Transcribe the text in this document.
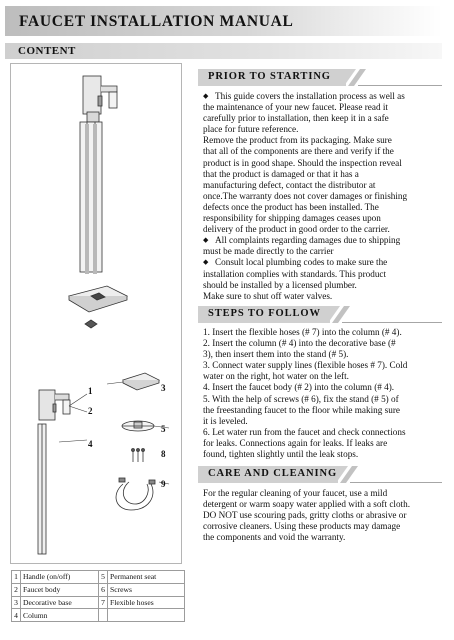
FAUCET INSTALLATION MANUAL
CONTENT
1
2
3
4
5
8
9
PRIOR TO STARTING

◆ This guide covers the installation process as well as

the maintenance of your new faucet. Please read it

carefully prior to installation, then keep it in a safe

place for future reference.

Remove the product from its packaging. Make sure

that all of the components are there and verify if the

product is in good shape. Should the inspection reveal

that the product is damaged or that it has a

manufacturing defect, contact the distributor at

once.The warranty does not cover damages or finishing

defects once the product has been installed. The

responsibility for shipping damages ceases upon

delivery of the product in good order to the carrier.

◆ All complaints regarding damages due to shipping

must be made directly to the carrier

◆ Consult local plumbing codes to make sure the

installation complies with standards. This product

should be installed by a licensed plumber.

Make sure to shut off water valves.

STEPS TO FOLLOW

1. Insert the flexible hoses (# 7) into the column (# 4).

2. Insert the column (# 4) into the decorative base (#

3), then insert them into the stand (# 5).

3. Connect water supply lines (flexible hoses # 7). Cold

water on the right, hot water on the left.

4. Insert the faucet body (# 2) into the column (# 4).

5. With the help of screws (# 6), fix the stand (# 5) of

the freestanding faucet to the floor while making sure

it is leveled.

6. Let water run from the faucet and check connections

for leaks. Connections again for leaks. If leaks are

found, tighten slightly until the leak stops.

CARE AND CLEANING

For the regular cleaning of your faucet, use a mild

detergent or warm soapy water applied with a soft cloth.

DO NOT use scouring pads, gritty cloths or abrasive or

corrosive cleaners. Using these products may damage

the components and void the warranty.

1	Handle (on/off)	5	Permanent seat
2	Faucet body	6	Screws
3	Decorative base	7	Flexible hoses
4	Column		
